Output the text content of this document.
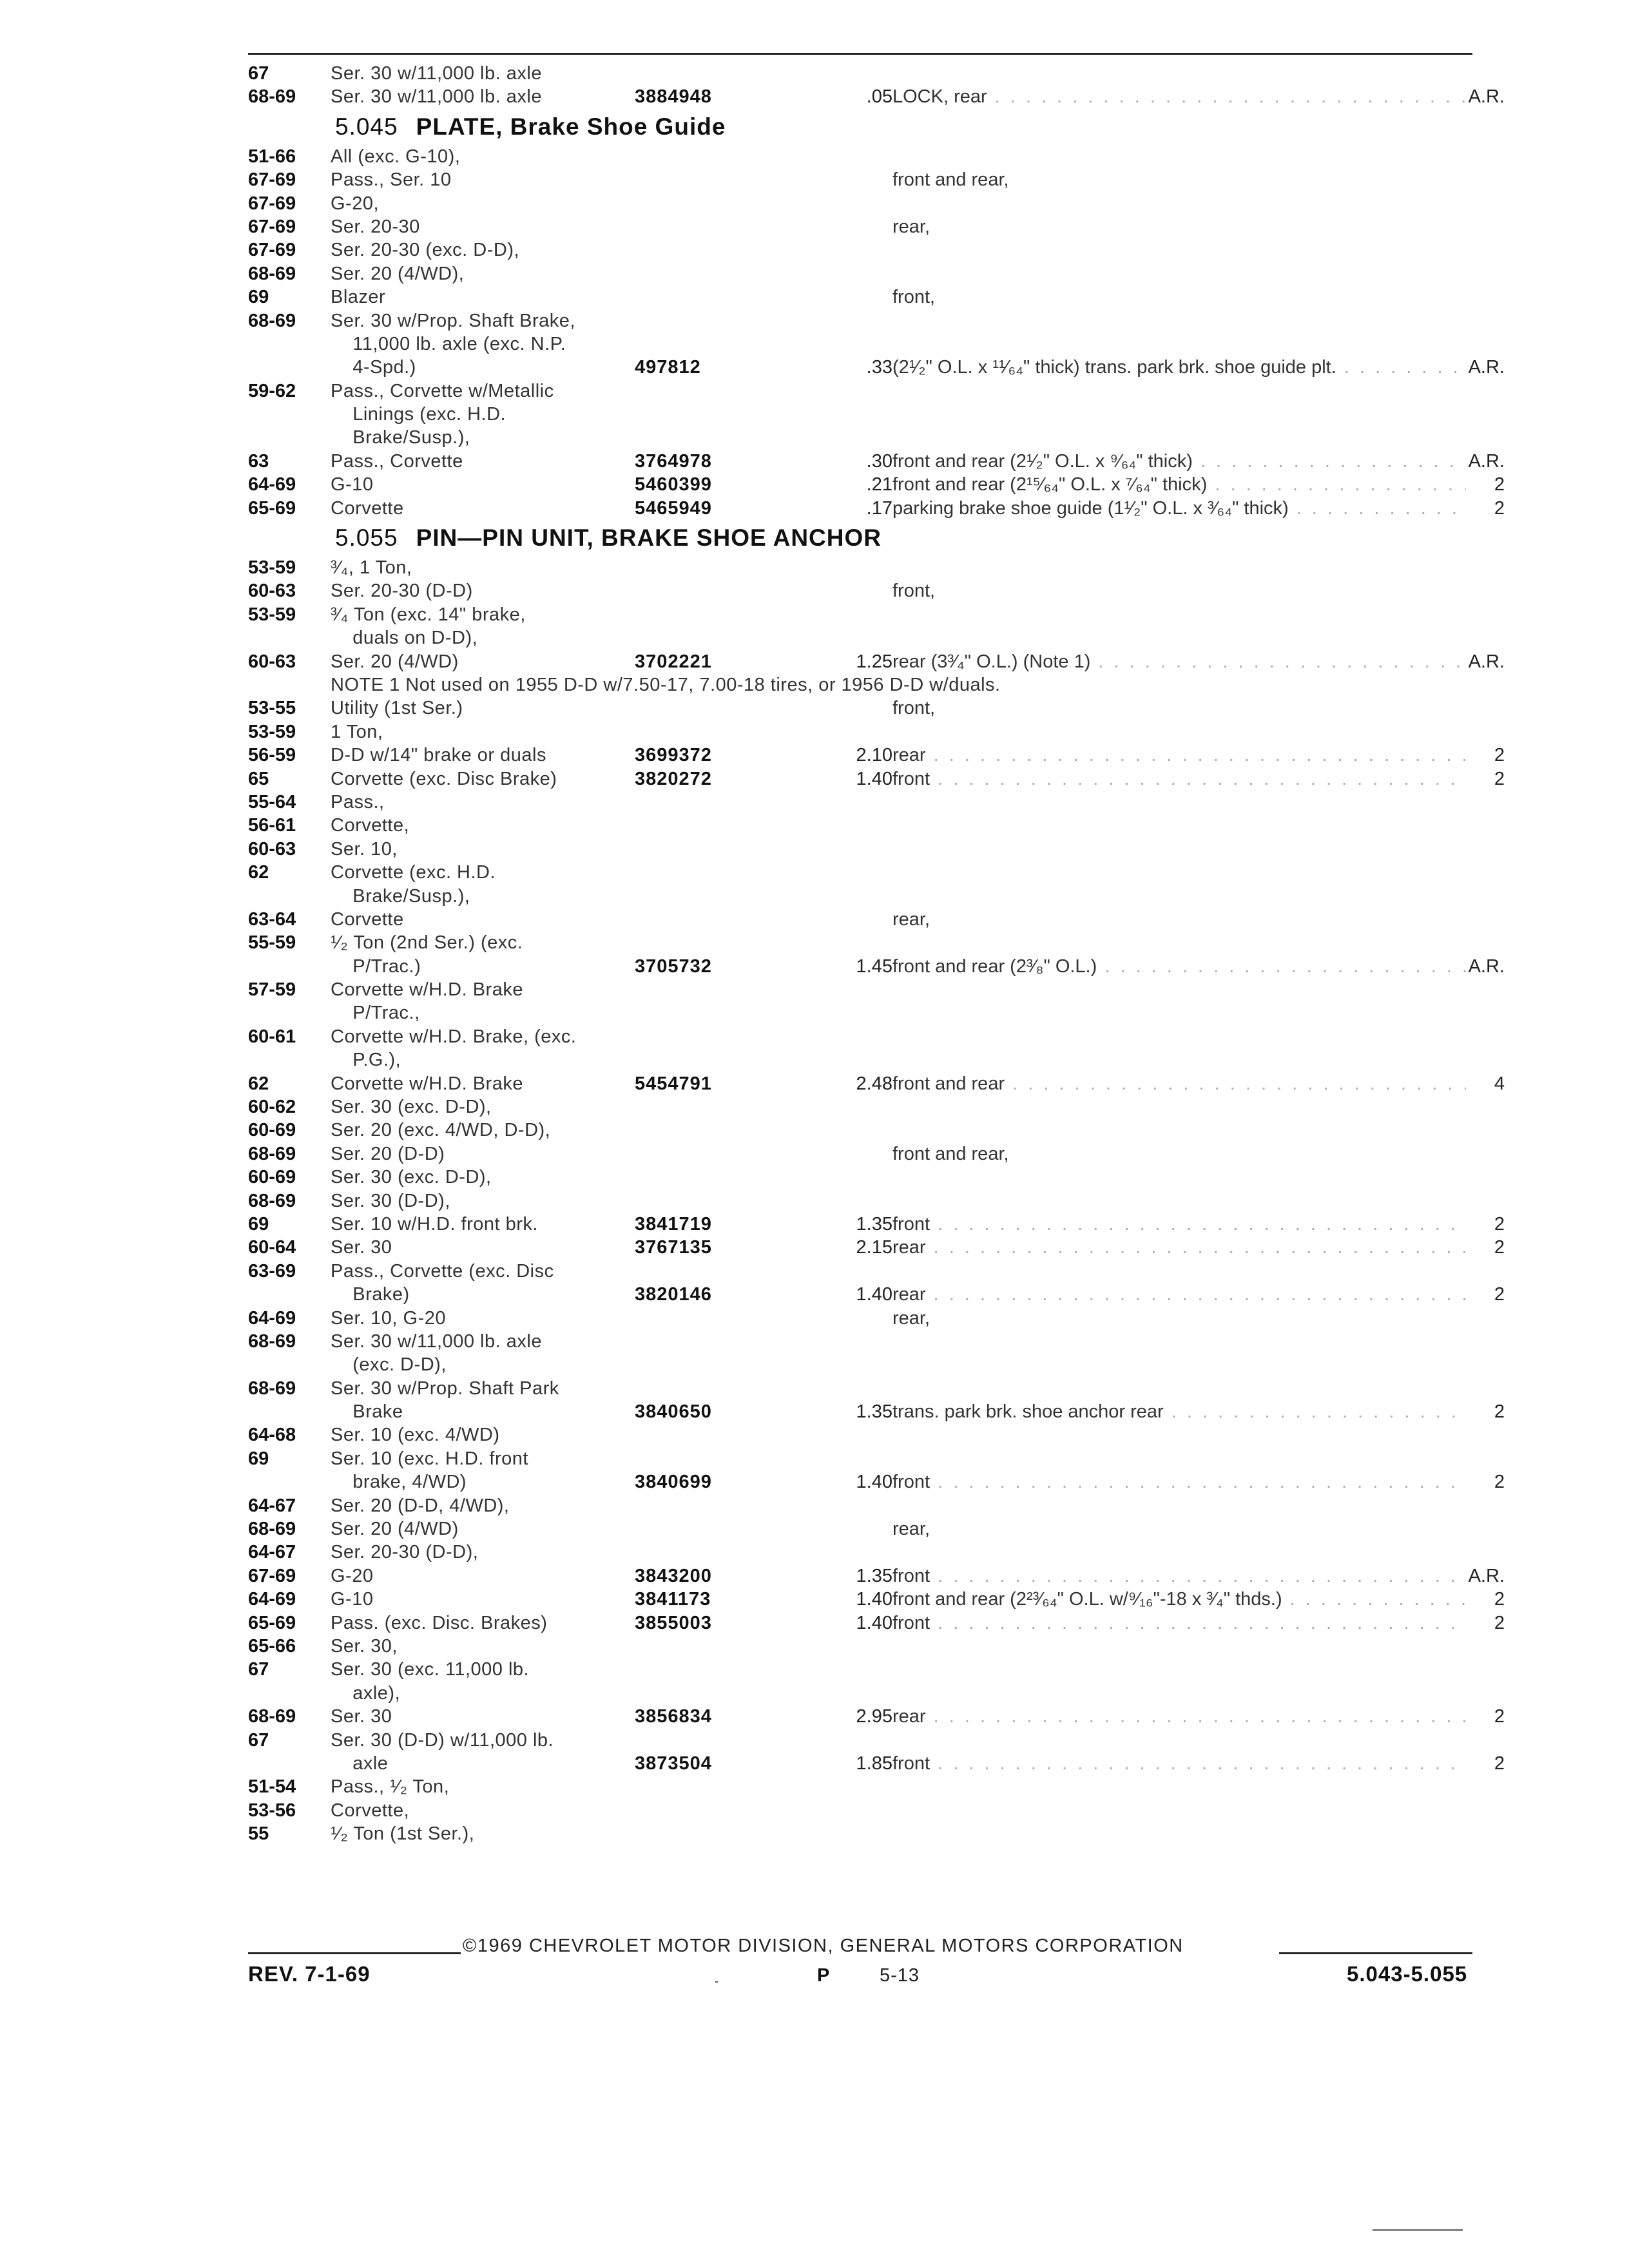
67	Ser. 30 w/11,000 lb. axle
68-69 Ser. 30 w/11,000 lb. axle	3884948	.05 LOCK, rear . . .	A.R.
5.045 PLATE, Brake Shoe Guide
51-66 All (exc. G-10),
67-69 Pass., Ser. 10	front and rear,
67-69 G-20,
67-69 Ser. 20-30	rear,
67-69 Ser. 20-30 (exc. D-D),
68-69 Ser. 20 (4/WD),
69	Blazer	front,
68-69 Ser. 30 w/Prop. Shaft Brake,
11,000 lb. axle (exc. N.P.
4-Spd.)	497812	.33 (2¹⁄₂" O.L. x ¹¹⁄₆₄" thick) trans. park brk. shoe guide plt. . . .	A.R.
59-62 Pass., Corvette w/Metallic
Linings (exc. H.D.
Brake/Susp.),
63	Pass., Corvette	3764978	.30 front and rear (2¹⁄₂" O.L. x ⁹⁄₆₄" thick) . . .	A.R.
64-69 G-10	5460399	.21 front and rear (2¹⁵⁄₆₄" O.L. x ⁷⁄₆₄" thick) . . .	2
65-69 Corvette	5465949	.17 parking brake shoe guide (1¹⁄₂" O.L. x ³⁄₆₄" thick) . . .	2
5.055 PIN—PIN UNIT, BRAKE SHOE ANCHOR
53-59 ³⁄₄, 1 Ton,
60-63 Ser. 20-30 (D-D)	front,
53-59 ³⁄₄ Ton (exc. 14" brake,
duals on D-D),
60-63 Ser. 20 (4/WD)	3702221	1.25 rear (3³⁄₄" O.L.) (Note 1) . . .	A.R.
NOTE 1 Not used on 1955 D-D w/7.50-17, 7.00-18 tires, or 1956 D-D w/duals.
53-55 Utility (1st Ser.)	front,
53-59 1 Ton,
56-59 D-D w/14" brake or duals	3699372	2.10 rear . . .	2
65	Corvette (exc. Disc Brake)	3820272	1.40 front . . .	2
55-64 Pass.,
56-61 Corvette,
60-63 Ser. 10,
62	Corvette (exc. H.D.
Brake/Susp.),
63-64 Corvette	rear,
55-59 ¹⁄₂ Ton (2nd Ser.) (exc.
P/Trac.)	3705732	1.45 front and rear (2³⁄₈" O.L.) . . .	A.R.
57-59 Corvette w/H.D. Brake
P/Trac.,
60-61 Corvette w/H.D. Brake, (exc.
P.G.),
62	Corvette w/H.D. Brake	5454791	2.48 front and rear . . .	4
60-62 Ser. 30 (exc. D-D),
60-69 Ser. 20 (exc. 4/WD, D-D),
68-69 Ser. 20 (D-D)	front and rear,
60-69 Ser. 30 (exc. D-D),
68-69 Ser. 30 (D-D),
69	Ser. 10 w/H.D. front brk.	3841719	1.35 front . . .	2
60-64 Ser. 30	3767135	2.15 rear . . .	2
63-69 Pass., Corvette (exc. Disc
Brake)	3820146	1.40 rear . . .	2
64-69 Ser. 10, G-20	rear,
68-69 Ser. 30 w/11,000 lb. axle
(exc. D-D),
68-69 Ser. 30 w/Prop. Shaft Park
Brake	3840650	1.35 trans. park brk. shoe anchor rear . . .	2
64-68 Ser. 10 (exc. 4/WD)
69	Ser. 10 (exc. H.D. front
brake, 4/WD)	3840699	1.40 front . . .	2
64-67 Ser. 20 (D-D, 4/WD),
68-69 Ser. 20 (4/WD)	rear,
64-67 Ser. 20-30 (D-D),
67-69 G-20	3843200	1.35 front . . .	A.R.
64-69 G-10	3841173	1.40 front and rear (2²³⁄₆₄" O.L. w/⁹⁄₁₆"-18 x ³⁄₄" thds.) . . .	2
65-69 Pass. (exc. Disc. Brakes)	3855003	1.40 front . . .	2
65-66 Ser. 30,
67	Ser. 30 (exc. 11,000 lb.
axle),
68-69 Ser. 30	3856834	2.95 rear . . .	2
67	Ser. 30 (D-D) w/11,000 lb.
axle	3873504	1.85 front . . .	2
51-54 Pass., ¹⁄₂ Ton,
53-56 Corvette,
55	¹⁄₂ Ton (1st Ser.),
©1969 CHEVROLET MOTOR DIVISION, GENERAL MOTORS CORPORATION
REV. 7-1-69	P	5-13	5.043-5.055
